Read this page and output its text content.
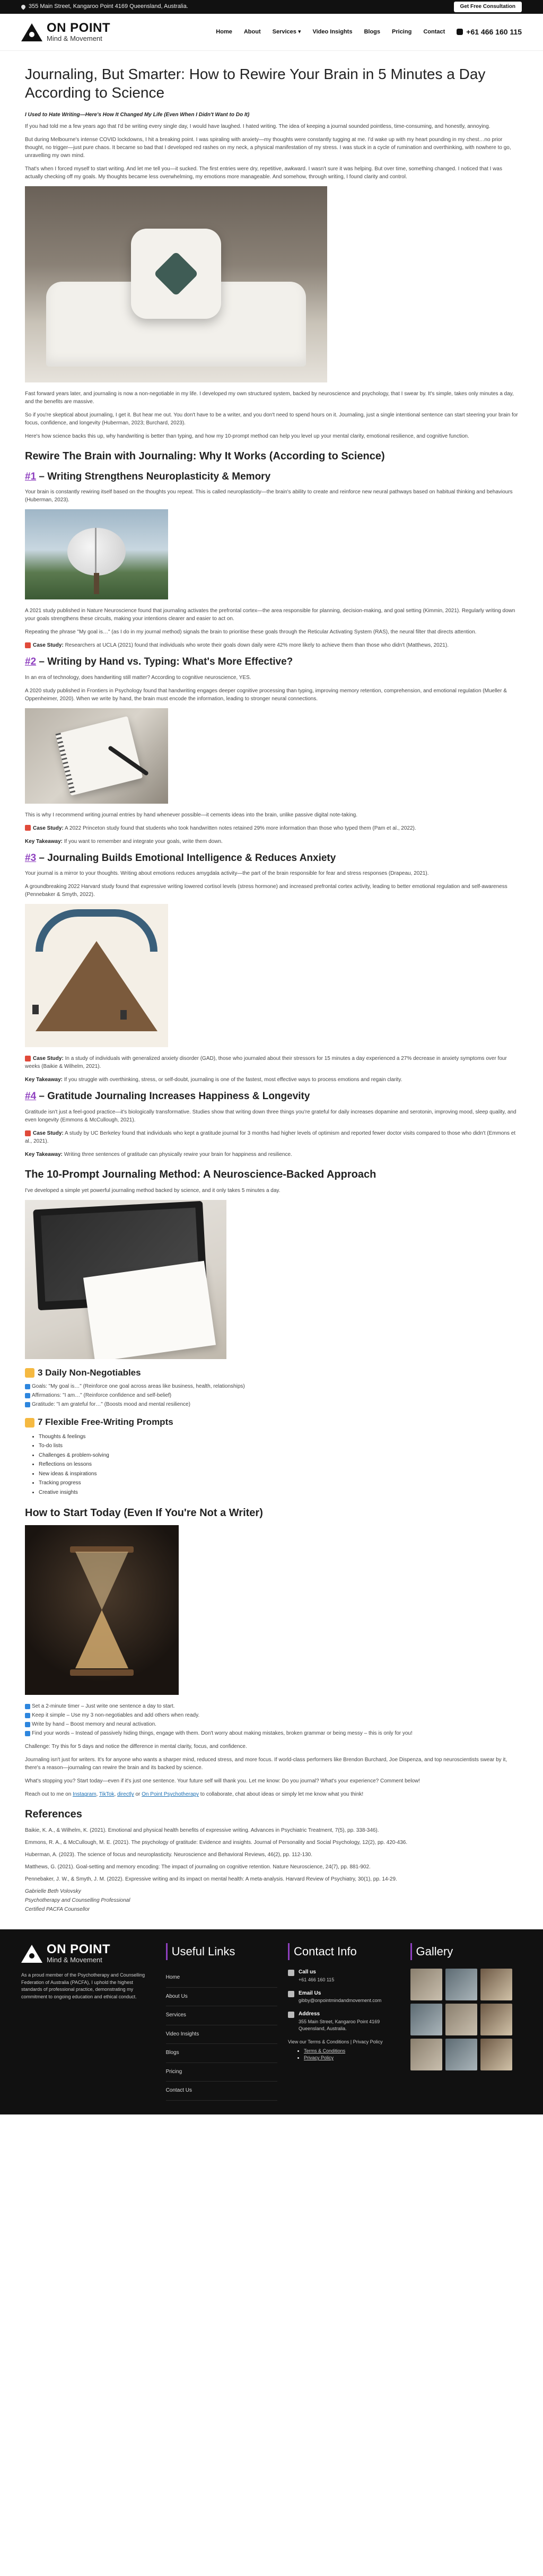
355 Main Street, Kangaroo Point 4169 Queensland, Australia.	Get Free Consultation
ON POINT
Mind & Movement
Home About Services ▾ Video Insights Blogs Pricing Contact	+61 466 160 115
Journaling, But Smarter: How to Rewire Your Brain in 5 Minutes a Day According to Science
I Used to Hate Writing—Here's How It Changed My Life (Even When I Didn't Want to Do It)

If you had told me a few years ago that I'd be writing every single day, I would have laughed. I hated writing. The idea of keeping a journal sounded pointless, time-consuming, and honestly, annoying.

But during Melbourne's intense COVID lockdowns, I hit a breaking point. I was spiraling with anxiety—my thoughts were constantly tugging at me. I'd wake up with my heart pounding in my chest…no prior thought, no trigger—just pure chaos. It became so bad that I developed red rashes on my neck, a physical manifestation of my stress. I was stuck in a cycle of rumination and overthinking, with nowhere to go, unravelling my own mind.

That's when I forced myself to start writing. And let me tell you—it sucked. The first entries were dry, repetitive, awkward. I wasn't sure it was helping. But over time, something changed. I noticed that I was actually checking off my goals. My thoughts became less overwhelming, my emotions more manageable. And somehow, through writing, I found clarity and control.

Fast forward years later, and journaling is now a non-negotiable in my life. I developed my own structured system, backed by neuroscience and psychology, that I swear by. It's simple, takes only minutes a day, and the benefits are massive.

So if you're skeptical about journaling, I get it. But hear me out. You don't have to be a writer, and you don't need to spend hours on it. Journaling, just a single intentional sentence can start steering your brain for focus, confidence, and longevity (Huberman, 2023; Burchard, 2023).

Here's how science backs this up, why handwriting is better than typing, and how my 10-prompt method can help you level up your mental clarity, emotional resilience, and cognitive function.

Rewire The Brain with Journaling: Why It Works (According to Science)
#1 – Writing Strengthens Neuroplasticity & Memory

Your brain is constantly rewiring itself based on the thoughts you repeat. This is called neuroplasticity—the brain's ability to create and reinforce new neural pathways based on habitual thinking and behaviours (Huberman, 2023).

A 2021 study published in Nature Neuroscience found that journaling activates the prefrontal cortex—the area responsible for planning, decision-making, and goal setting (Kimmin, 2021). Regularly writing down your goals strengthens these circuits, making your intentions clearer and easier to act on.

Repeating the phrase "My goal is…" (as I do in my journal method) signals the brain to prioritise these goals through the Reticular Activating System (RAS), the neural filter that directs attention.

Case Study: Researchers at UCLA (2021) found that individuals who wrote their goals down daily were 42% more likely to achieve them than those who didn't (Matthews, 2021).

#2 – Writing by Hand vs. Typing: What's More Effective?

In an era of technology, does handwriting still matter? According to cognitive neuroscience, YES.

A 2020 study published in Frontiers in Psychology found that handwriting engages deeper cognitive processing than typing, improving memory retention, comprehension, and emotional regulation (Mueller & Oppenheimer, 2020). When we write by hand, the brain must encode the information, leading to stronger neural connections.

This is why I recommend writing journal entries by hand whenever possible—it cements ideas into the brain, unlike passive digital note-taking.

Case Study: A 2022 Princeton study found that students who took handwritten notes retained 29% more information than those who typed them (Pam et al., 2022).

Key Takeaway: If you want to remember and integrate your goals, write them down.

#3 – Journaling Builds Emotional Intelligence & Reduces Anxiety

Your journal is a mirror to your thoughts. Writing about emotions reduces amygdala activity—the part of the brain responsible for fear and stress responses (Drapeau, 2021).

A groundbreaking 2022 Harvard study found that expressive writing lowered cortisol levels (stress hormone) and increased prefrontal cortex activity, leading to better emotional regulation and self-awareness (Pennebaker & Smyth, 2022).

Case Study: In a study of individuals with generalized anxiety disorder (GAD), those who journaled about their stressors for 15 minutes a day experienced a 27% decrease in anxiety symptoms over four weeks (Baikie & Wilhelm, 2021).

Key Takeaway: If you struggle with overthinking, stress, or self-doubt, journaling is one of the fastest, most effective ways to process emotions and regain clarity.

#4 – Gratitude Journaling Increases Happiness & Longevity

Gratitude isn't just a feel-good practice—it's biologically transformative. Studies show that writing down three things you're grateful for daily increases dopamine and serotonin, improving mood, sleep quality, and even longevity (Emmons & McCullough, 2021).

Case Study: A study by UC Berkeley found that individuals who kept a gratitude journal for 3 months had higher levels of optimism and reported fewer doctor visits compared to those who didn't (Emmons et al., 2021).

Key Takeaway: Writing three sentences of gratitude can physically rewire your brain for happiness and resilience.

The 10-Prompt Journaling Method: A Neuroscience-Backed Approach

I've developed a simple yet powerful journaling method backed by science, and it only takes 5 minutes a day.

3 Daily Non-Negotiables

Goals: "My goal is…" (Reinforce one goal across areas like business, health, relationships)

Affirmations: "I am…" (Reinforce confidence and self-belief)

Gratitude: "I am grateful for…" (Boosts mood and mental resilience)

7 Flexible Free-Writing Prompts
• Thoughts & feelings
• To-do lists
• Challenges & problem-solving
• Reflections on lessons
• New ideas & inspirations
• Tracking progress
• Creative insights
How to Start Today (Even If You're Not a Writer)

Set a 2-minute timer – Just write one sentence a day to start.

Keep it simple – Use my 3 non-negotiables and add others when ready.

Write by hand – Boost memory and neural activation.

Find your words – Instead of passively hiding things, engage with them. Don't worry about making mistakes, broken grammar or being messy – this is only for you!

Challenge: Try this for 5 days and notice the difference in mental clarity, focus, and confidence.

Journaling isn't just for writers. It's for anyone who wants a sharper mind, reduced stress, and more focus. If world-class performers like Brendon Burchard, Joe Dispenza, and top neuroscientists swear by it, there's a reason—journaling can rewire the brain and its backed by science.

What's stopping you? Start today—even if it's just one sentence. Your future self will thank you. Let me know: Do you journal? What's your experience? Comment below!

Reach out to me on Instagram, TikTok, directly or On Point Psychotherapy to collaborate, chat about ideas or simply let me know what you think!

References

Baikie, K. A., & Wilhelm, K. (2021). Emotional and physical health benefits of expressive writing. Advances in Psychiatric Treatment, 7(5), pp. 338-346).

Emmons, R. A., & McCullough, M. E. (2021). The psychology of gratitude: Evidence and insights. Journal of Personality and Social Psychology, 12(2), pp. 420-436.

Huberman, A. (2023). The science of focus and neuroplasticity. Neuroscience and Behavioral Reviews, 46(2), pp. 112-130.

Matthews, G. (2021). Goal-setting and memory encoding: The impact of journaling on cognitive retention. Nature Neuroscience, 24(7), pp. 881-902.

Pennebaker, J. W., & Smyth, J. M. (2022). Expressive writing and its impact on mental health: A meta-analysis. Harvard Review of Psychiatry, 30(1), pp. 14-29.

Gabrielle Beth Volovsky

Psychotherapy and Counselling Professional

Certified PACFA Counsellor

ON POINT
Mind & Movement
As a proud member of the Psychotherapy and Counselling Federation of Australia (PACFA), I uphold the highest standards of professional practice, demonstrating my commitment to ongoing education and ethical conduct.
Useful Links
Home
About Us
Services
Video Insights
Blogs
Pricing
Contact Us
Contact Info
Call us
+61 466 160 115
Email Us
gibby@onpointmindandmovement.com
Address
355 Main Street, Kangaroo Point 4169 Queensland, Australia.
View our Terms & Conditions | Privacy Policy
• Terms & Conditions
• Privacy Policy
Gallery
